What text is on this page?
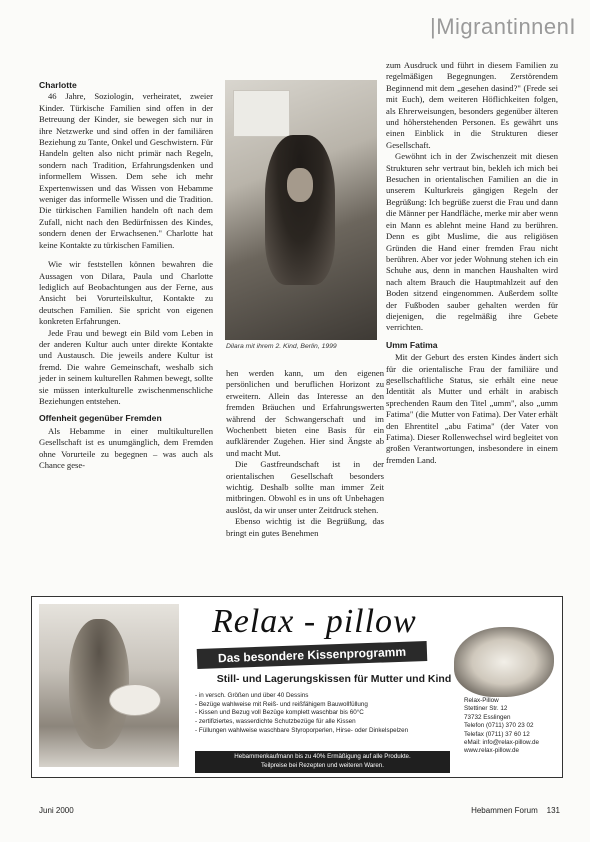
|MigrantinnenI

Charlotte

46 Jahre, Soziologin, verheiratet, zweier Kinder. Türkische Familien sind offen in der Betreuung der Kinder, sie bewegen sich nur in ihre Netzwerke und sind offen in der familiären Beziehung zu Tante, Onkel und Geschwistern. Für Handeln gelten also nicht primär nach Regeln, sondern nach Tradition, Erfahrungsdenken und informellem Wissen. Dem sehe ich mehr Expertenwissen und das Wissen von Hebamme weniger das informelle Wissen und die Tradition. Die türkischen Familien handeln oft nach dem Zufall, nicht nach den Bedürfnissen des Kindes, sondern denen der Erwachsenen." Charlotte hat keine Kontakte zu türkischen Familien.

Wie wir feststellen können bewahren die Aussagen von Dilara, Paula und Charlotte lediglich auf Beobachtungen aus der Ferne, aus Ansicht bei Vorurteilskultur, Kontakte zu deutschen Familien. Sie spricht von eigenen konkreten Erfahrungen.

Jede Frau und bewegt ein Bild vom Leben in der anderen Kultur auch unter direkte Kontakte und Austausch. Die jeweils andere Kultur ist fremd. Die wahre Gemeinschaft, weshalb sich jeder in seinem kulturellen Rahmen bewegt, sollte sie müssen interkulturelle zwischenmenschliche Beziehungen entstehen.

Offenheit gegenüber Fremden

Als Hebamme in einer multikulturellen Gesellschaft ist es unumgänglich, dem Fremden ohne Vorurteile zu begegnen – was auch als Chance gese-

Dilara mit ihrem 2. Kind, Berlin, 1999

hen werden kann, um den eigenen persönlichen und beruflichen Horizont zu erweitern. Allein das Interesse an den fremden Bräuchen und Erfahrungswerten während der Schwangerschaft und im Wochenbett bieten eine Basis für ein aufklärender Zugehen. Hier sind Ängste ab und macht Mut.

Die Gastfreundschaft ist in der orientalischen Gesellschaft besonders wichtig. Deshalb sollte man immer Zeit mitbringen. Obwohl es in uns oft Unbehagen auslöst, da wir unser unter Zeitdruck stehen.

Ebenso wichtig ist die Begrüßung, das bringt ein gutes Benehmen

zum Ausdruck und führt in diesem Familien zu regelmäßigen Begegnungen. Zerstörendem Beginnend mit dem „gesehen dasind?" (Frede sei mit Euch), dem weiteren Höflichkeiten folgen, als Ehrerweisungen, besonders gegenüber älteren und höherstehenden Personen. Es gewährt uns einen Einblick in die Strukturen dieser Gesellschaft.

Gewöhnt ich in der Zwischenzeit mit diesen Strukturen sehr vertraut bin, bekleh ich mich bei Besuchen in orientalischen Familien an die in unserem Kulturkreis gängigen Regeln der Begrüßung: Ich begrüße zuerst die Frau und dann die Männer per Handfläche, merke mir aber wenn ein Mann es ablehnt meine Hand zu berühren. Denn es gibt Muslime, die aus religiösen Gründen die Hand einer fremden Frau nicht berühren. Aber vor jeder Wohnung stehen ich ein Schuhe aus, denn in manchen Haushalten wird nach altem Brauch die Hauptmahlzeit auf den Boden sitzend eingenommen. Außerdem sollte der Fußboden sauber gehalten werden für diejenigen, die regelmäßig ihre Gebete verrichten.

Umm Fatima

Mit der Geburt des ersten Kindes ändert sich für die orientalische Frau der familiäre und gesellschaftliche Status, sie erhält eine neue Identität als Mutter und erhält in arabisch sprechenden Raum den Titel „umm", also „umm Fatima" (die Mutter von Fatima). Der Vater erhält den Ehrentitel „abu Fatima" (der Vater von Fatima). Dieser Rollenwechsel wird begleitet von großen Verantwortungen, insbesondere in einem fremden Land.

Relax - pillow
Das besondere Kissenprogramm
Still- und Lagerungskissen für Mutter und Kind
- in versch. Größen und über 40 Dessins
- Bezüge wahlweise mit Reiß- und reißfähigem Bauwollfüllung
- Kissen und Bezug voll Bezüge komplett waschbar bis 60°C
- zertifiziertes, wasserdichte Schutzbezüge für alle Kissen
- Füllungen wahlweise waschbare Styroporperlen, Hirse- oder Dinkelspelzen
Relax-Pillow
Stettiner Str. 12
73732 Esslingen
Telefon (0711) 370 23 02
Telefax (0711) 37 60 12
eMail: info@relax-pillow.de
www.relax-pillow.de
Hebammenkaufmann bis zu 40% Ermäßigung auf alle Produkte.
Teilpreise bei Rezepten und weiteren Waren.
Juni 2000	Hebammen Forum 131
